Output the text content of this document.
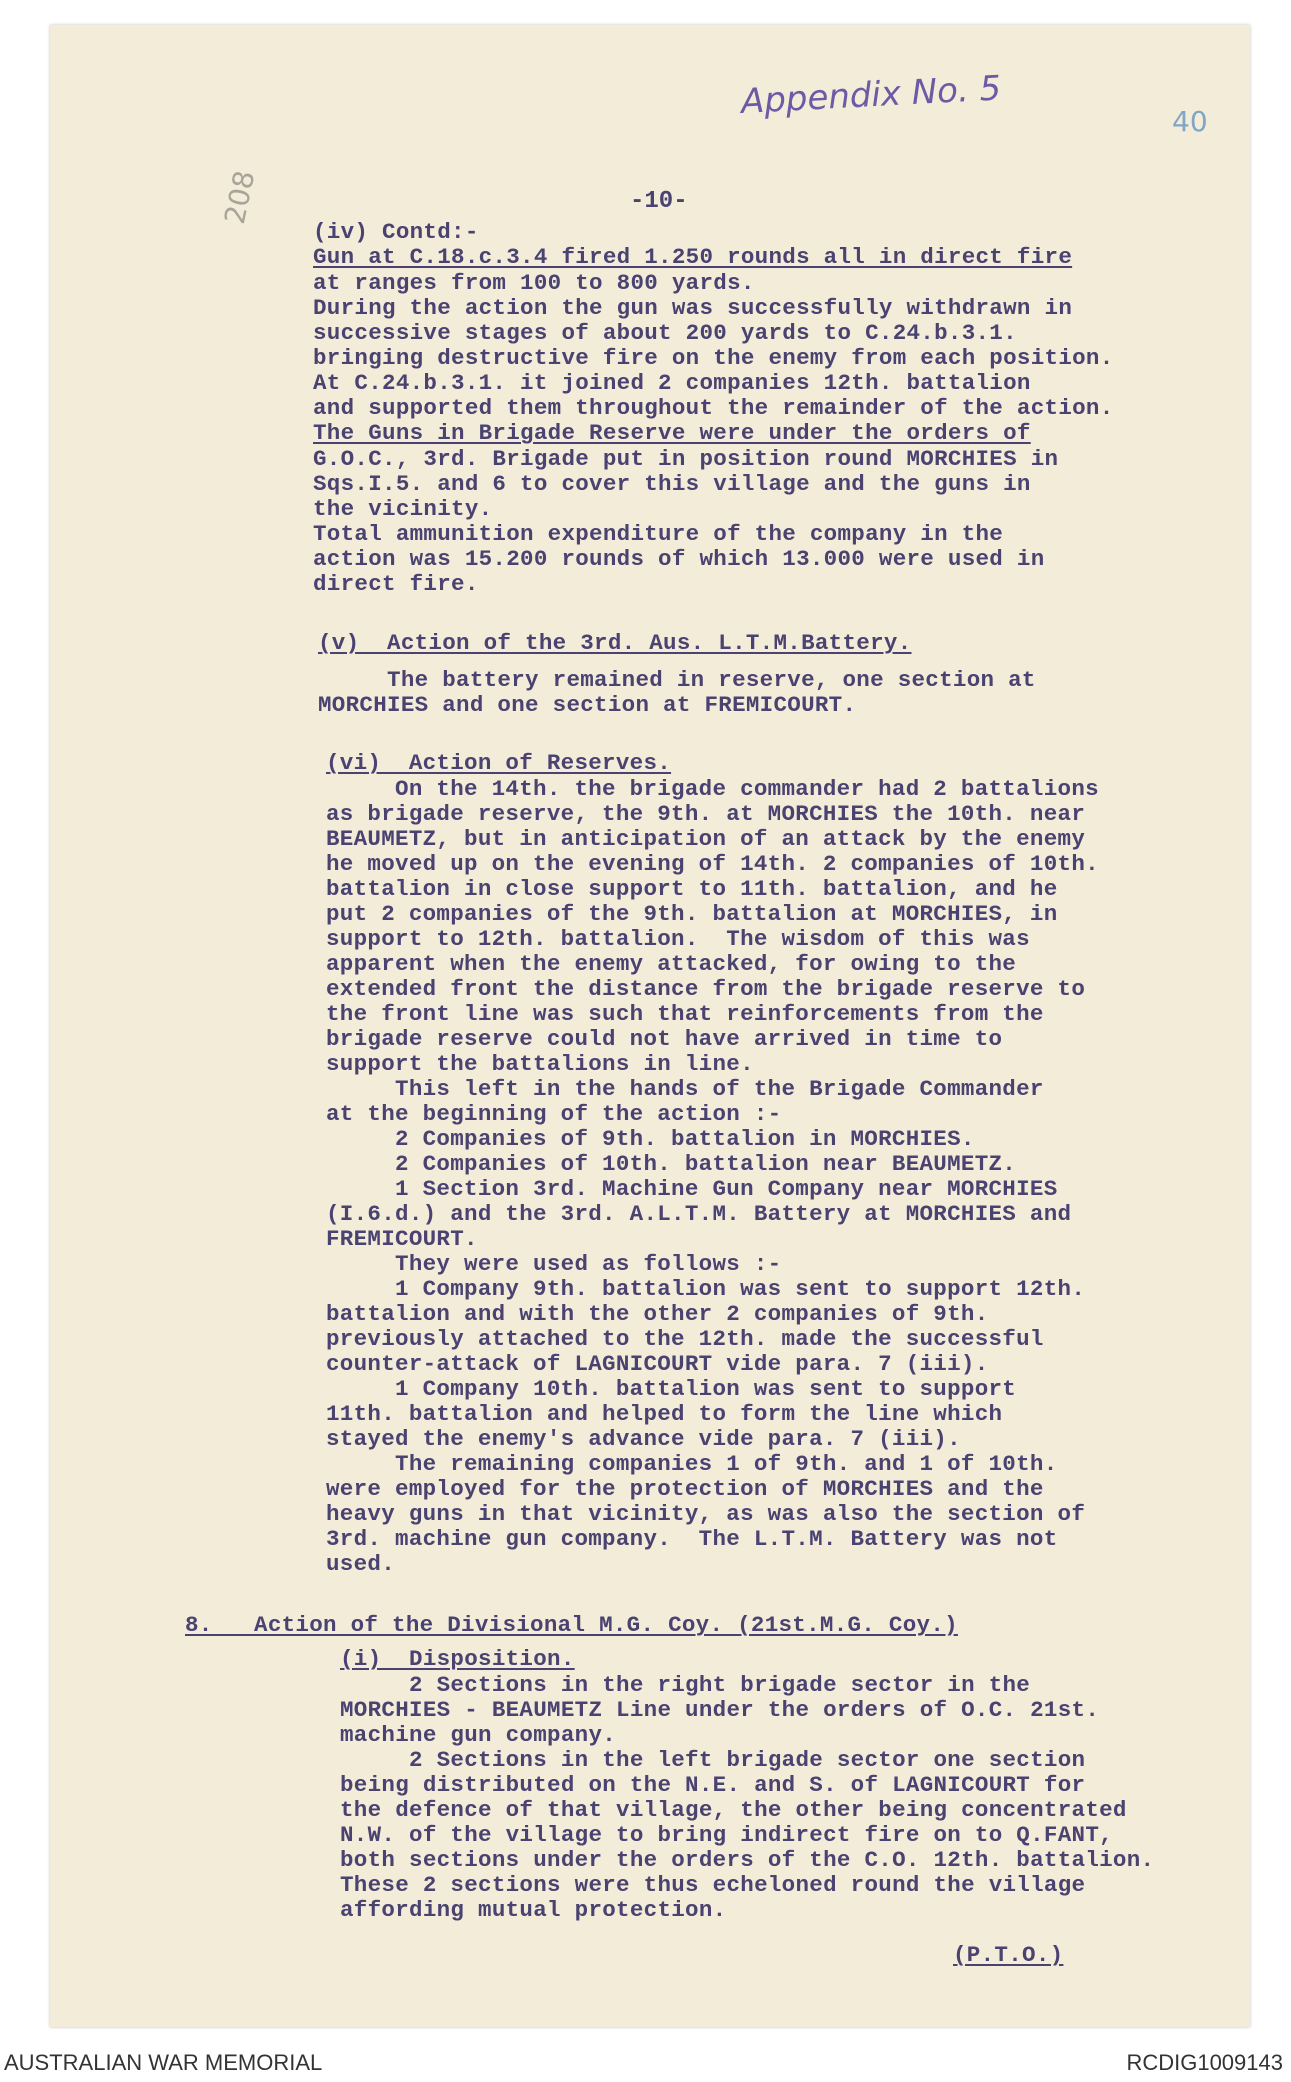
Appendix No. 5	40
208	-10-
(iv) Contd:-
Gun at C.18.c.3.4 fired 1.250 rounds all in direct fire
at ranges from 100 to 800 yards.
During the action the gun was successfully withdrawn in
successive stages of about 200 yards to C.24.b.3.1.
bringing destructive fire on the enemy from each position.
At C.24.b.3.1. it joined 2 companies 12th. battalion
and supported them throughout the remainder of the action.
The Guns in Brigade Reserve were under the orders of
G.O.C., 3rd. Brigade put in position round MORCHIES in
Sqs.I.5. and 6 to cover this village and the guns in
the vicinity.
Total ammunition expenditure of the company in the
action was 15.200 rounds of which 13.000 were used in
direct fire.
(v)  Action of the 3rd. Aus. L.T.M.Battery.
The battery remained in reserve, one section at
MORCHIES and one section at FREMICOURT.
(vi)  Action of Reserves.
On the 14th. the brigade commander had 2 battalions
as brigade reserve, the 9th. at MORCHIES the 10th. near
BEAUMETZ, but in anticipation of an attack by the enemy
he moved up on the evening of 14th. 2 companies of 10th.
battalion in close support to 11th. battalion, and he
put 2 companies of the 9th. battalion at MORCHIES, in
support to 12th. battalion.  The wisdom of this was
apparent when the enemy attacked, for owing to the
extended front the distance from the brigade reserve to
the front line was such that reinforcements from the
brigade reserve could not have arrived in time to
support the battalions in line.
This left in the hands of the Brigade Commander
at the beginning of the action :-
2 Companies of 9th. battalion in MORCHIES.
2 Companies of 10th. battalion near BEAUMETZ.
1 Section 3rd. Machine Gun Company near MORCHIES
(I.6.d.) and the 3rd. A.L.T.M. Battery at MORCHIES and
FREMICOURT.
They were used as follows :-
1 Company 9th. battalion was sent to support 12th.
battalion and with the other 2 companies of 9th.
previously attached to the 12th. made the successful
counter-attack of LAGNICOURT vide para. 7 (iii).
1 Company 10th. battalion was sent to support
11th. battalion and helped to form the line which
stayed the enemy's advance vide para. 7 (iii).
The remaining companies 1 of 9th. and 1 of 10th.
were employed for the protection of MORCHIES and the
heavy guns in that vicinity, as was also the section of
3rd. machine gun company.  The L.T.M. Battery was not
used.
8.   Action of the Divisional M.G. Coy. (21st.M.G. Coy.)
(i)  Disposition.
2 Sections in the right brigade sector in the
MORCHIES - BEAUMETZ Line under the orders of O.C. 21st.
machine gun company.
2 Sections in the left brigade sector one section
being distributed on the N.E. and S. of LAGNICOURT for
the defence of that village, the other being concentrated
N.W. of the village to bring indirect fire on to Q.FANT,
both sections under the orders of the C.O. 12th. battalion.
These 2 sections were thus echeloned round the village
affording mutual protection.
(P.T.O.)
AUSTRALIAN WAR MEMORIAL	RCDIG1009143
